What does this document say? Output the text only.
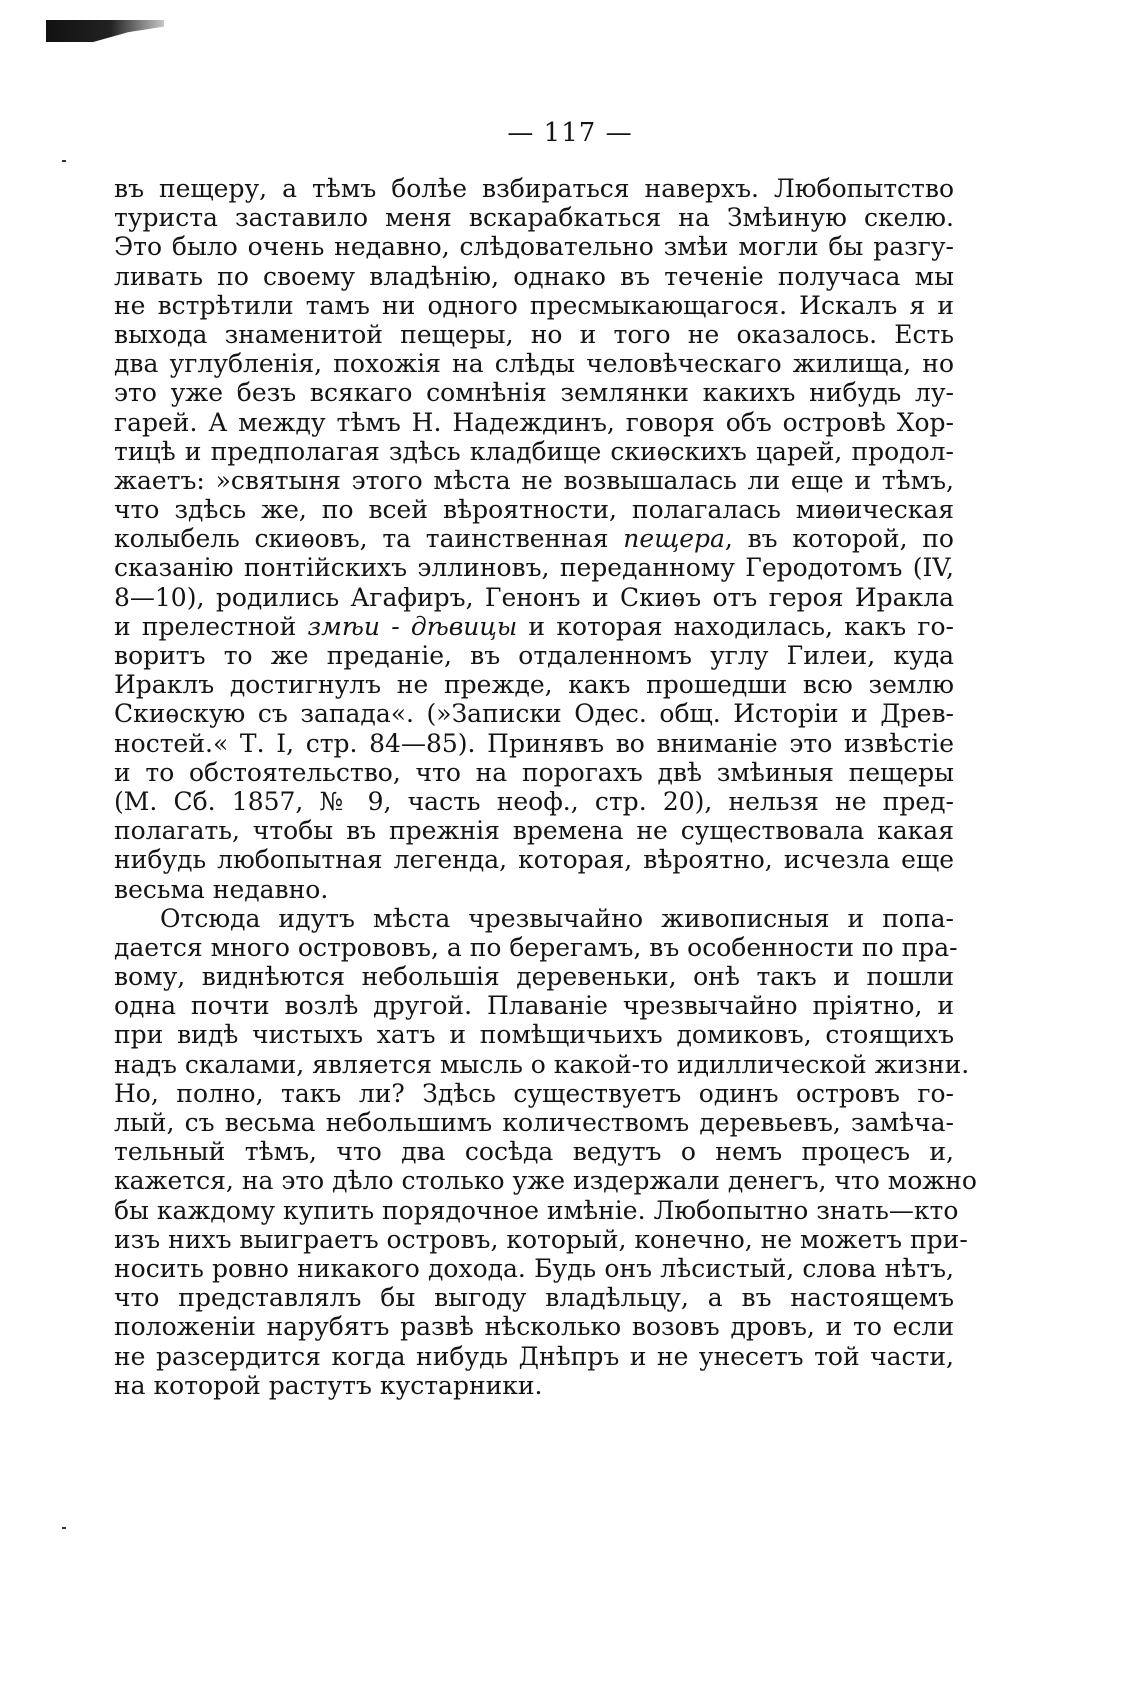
— 117 —
въ пещеру, а тѣмъ болѣе взбираться наверхъ. Любопытство
туриста заставило меня вскарабкаться на Змѣиную скелю.
Это было очень недавно, слѣдовательно змѣи могли бы разгу-
ливать по своему владѣнію, однако въ теченіе получаса мы
не встрѣтили тамъ ни одного пресмыкающагося. Искалъ я и
выхода знаменитой пещеры, но и того не оказалось. Есть
два углубленія, похожія на слѣды человѣческаго жилища, но
это уже безъ всякаго сомнѣнія землянки какихъ нибудь лу-
гарей. А между тѣмъ Н. Надеждинъ, говоря объ островѣ Хор-
тицѣ и предполагая здѣсь кладбище скиѳскихъ царей, продол-
жаетъ: »святыня этого мѣста не возвышалась ли еще и тѣмъ,
что здѣсь же, по всей вѣроятности, полагалась миѳическая
колыбель скиѳовъ, та таинственная пещера, въ которой, по
сказанію понтійскихъ эллиновъ, переданному Геродотомъ (IV,
8—10), родились Агафиръ, Генонъ и Скиѳъ отъ героя Иракла
и прелестной змѣи - дѣвицы и которая находилась, какъ го-
воритъ то же преданіе, въ отдаленномъ углу Гилеи, куда
Ираклъ достигнулъ не прежде, какъ прошедши всю землю
Скиѳскую съ запада«. (»Записки Одес. общ. Исторіи и Древ-
ностей.« Т. I, стр. 84—85). Принявъ во вниманіе это извѣстіе
и то обстоятельство, что на порогахъ двѣ змѣиныя пещеры
(М. Сб. 1857, № 9, часть неоф., стр. 20), нельзя не пред-
полагать, чтобы въ прежнія времена не существовала какая
нибудь любопытная легенда, которая, вѣроятно, исчезла еще
весьма недавно.
Отсюда идутъ мѣста чрезвычайно живописныя и попа-
дается много острововъ, а по берегамъ, въ особенности по пра-
вому, виднѣются небольшія деревеньки, онѣ такъ и пошли
одна почти возлѣ другой. Плаваніе чрезвычайно пріятно, и
при видѣ чистыхъ хатъ и помѣщичьихъ домиковъ, стоящихъ
надъ скалами, является мысль о какой-то идиллической жизни.
Но, полно, такъ ли? Здѣсь существуетъ одинъ островъ го-
лый, съ весьма небольшимъ количествомъ деревьевъ, замѣча-
тельный тѣмъ, что два сосѣда ведутъ о немъ процесъ и,
кажется, на это дѣло столько уже издержали денегъ, что можно
бы каждому купить порядочное имѣніе. Любопытно знать—кто
изъ нихъ выиграетъ островъ, который, конечно, не можетъ при-
носить ровно никакого дохода. Будь онъ лѣсистый, слова нѣтъ,
что представлялъ бы выгоду владѣльцу, а въ настоящемъ
положеніи нарубятъ развѣ нѣсколько возовъ дровъ, и то если
не разсердится когда нибудь Днѣпръ и не унесетъ той части,
на которой растутъ кустарники.
